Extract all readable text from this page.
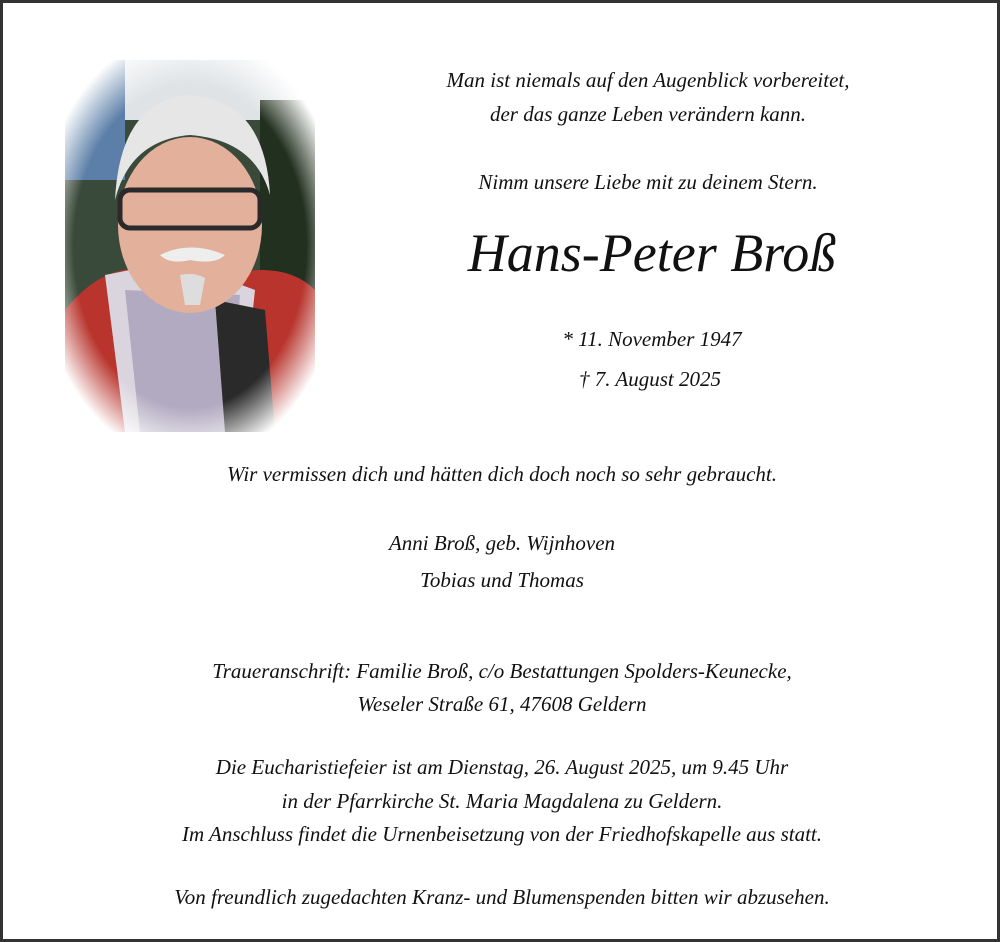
Man ist niemals auf den Augenblick vorbereitet,
der das ganze Leben verändern kann.
Nimm unsere Liebe mit zu deinem Stern.
Hans-Peter Broß
* 11. November 1947
† 7. August 2025
Wir vermissen dich und hätten dich doch noch so sehr gebraucht.
Anni Broß, geb. Wijnhoven
Tobias und Thomas
Traueranschrift: Familie Broß, c/o Bestattungen Spolders-Keunecke,
Weseler Straße 61, 47608 Geldern
Die Eucharistiefeier ist am Dienstag, 26. August 2025, um 9.45 Uhr
in der Pfarrkirche St. Maria Magdalena zu Geldern.
Im Anschluss findet die Urnenbeisetzung von der Friedhofskapelle aus statt.
Von freundlich zugedachten Kranz- und Blumenspenden bitten wir abzusehen.
